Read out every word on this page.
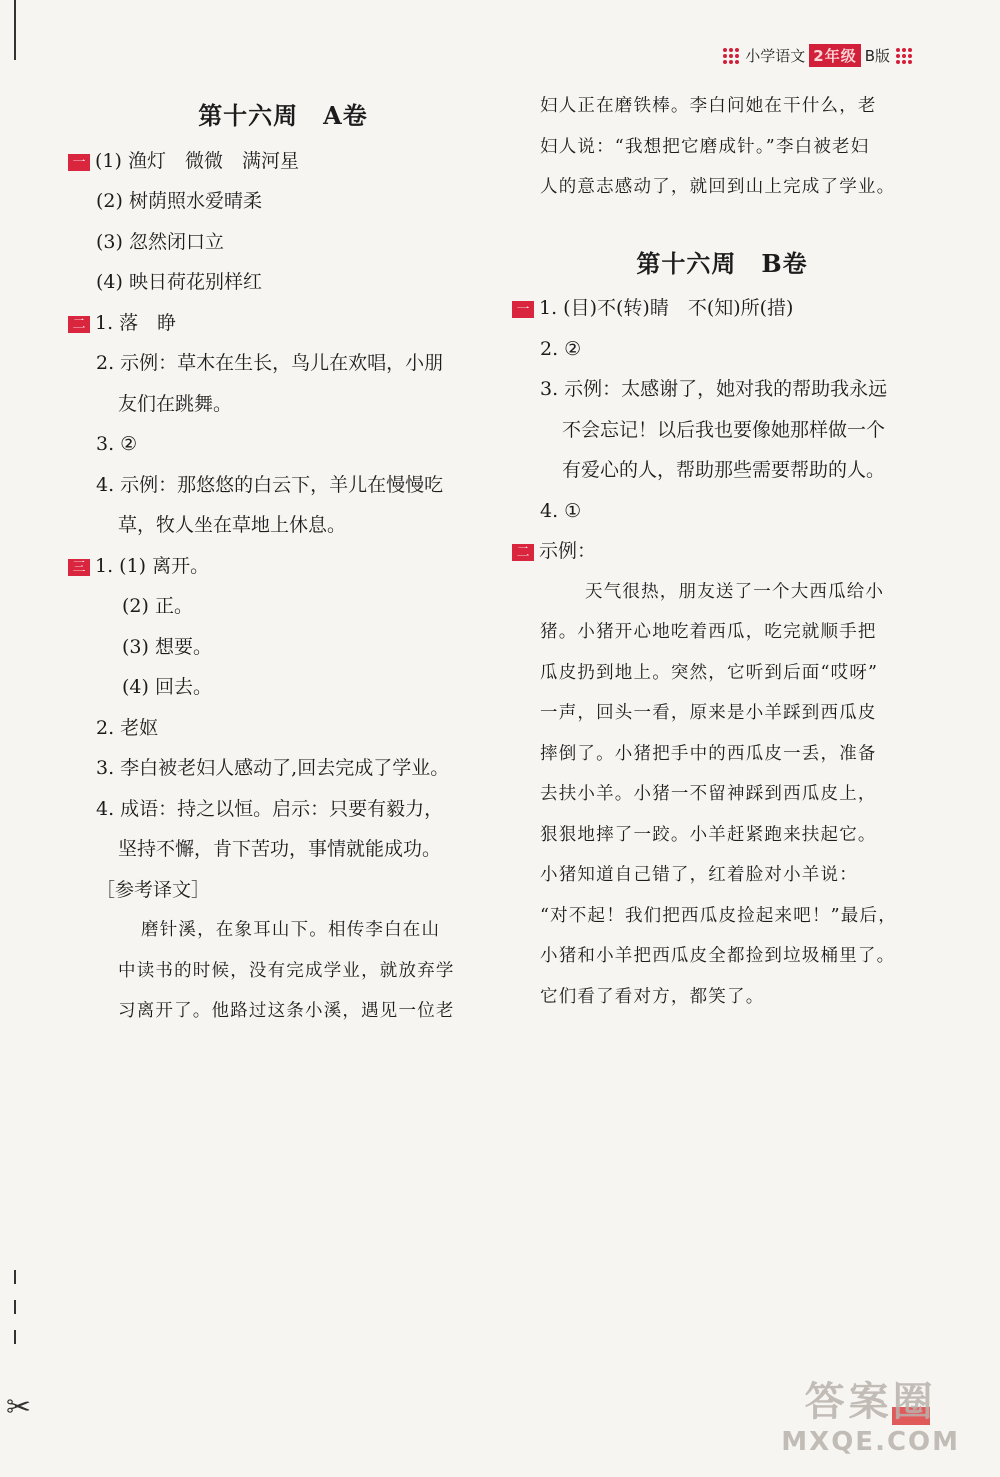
小学语文 2年级 B版
第十六周　A卷
一 (1) 渔灯　微微　满河星
(2) 树荫照水爱晴柔
(3) 忽然闭口立
(4) 映日荷花别样红
二 1. 落　睁
2. 示例：草木在生长，鸟儿在欢唱，小朋
友们在跳舞。
3. ②
4. 示例：那悠悠的白云下，羊儿在慢慢吃
草，牧人坐在草地上休息。
三 1. (1) 离开。
(2) 正。
(3) 想要。
(4) 回去。
2. 老妪
3. 李白被老妇人感动了,回去完成了学业。
4. 成语：持之以恒。启示：只要有毅力，
坚持不懈，肯下苦功，事情就能成功。
［参考译文］
磨针溪，在象耳山下。相传李白在山
中读书的时候，没有完成学业，就放弃学
习离开了。他路过这条小溪，遇见一位老
妇人正在磨铁棒。李白问她在干什么，老
妇人说：“我想把它磨成针。”李白被老妇
人的意志感动了，就回到山上完成了学业。
第十六周　B卷
一 1. (目)不(转)睛　不(知)所(措)
2. ②
3. 示例：太感谢了，她对我的帮助我永远
不会忘记！以后我也要像她那样做一个
有爱心的人，帮助那些需要帮助的人。
4. ①
二 示例：
天气很热，朋友送了一个大西瓜给小
猪。小猪开心地吃着西瓜，吃完就顺手把
瓜皮扔到地上。突然，它听到后面“哎呀”
一声，回头一看，原来是小羊踩到西瓜皮
摔倒了。小猪把手中的西瓜皮一丢，准备
去扶小羊。小猪一不留神踩到西瓜皮上，
狠狠地摔了一跤。小羊赶紧跑来扶起它。
小猪知道自己错了，红着脸对小羊说：
“对不起！我们把西瓜皮捡起来吧！”最后，
小猪和小羊把西瓜皮全都捡到垃圾桶里了。
它们看了看对方，都笑了。
✂	答案圈
MXQE.COM
